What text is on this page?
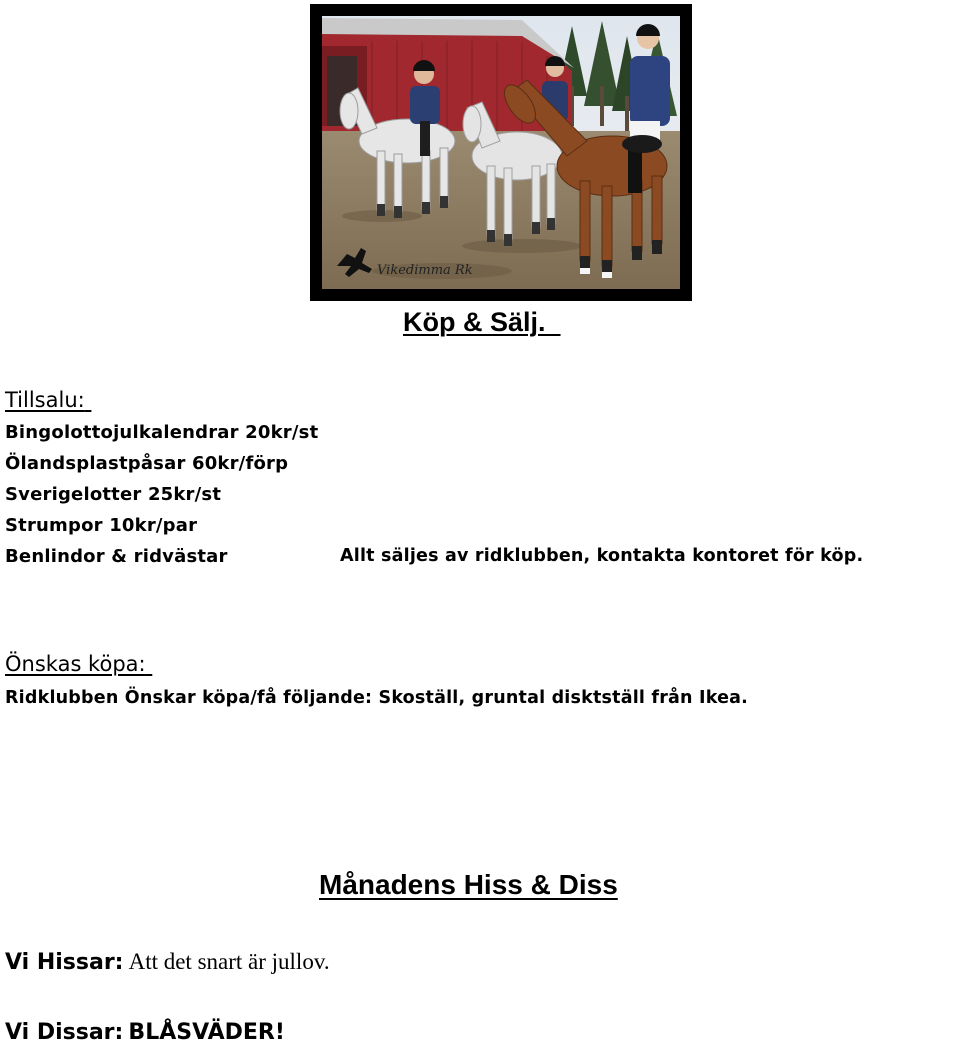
Vikedimma Rk
Köp & Sälj.
Tillsalu:
Bingolottojulkalendrar 20kr/st
Ölandsplastpåsar 60kr/förp
Sverigelotter 25kr/st
Strumpor 10kr/par
Benlindor & ridvästar	Allt säljes av ridklubben, kontakta kontoret för köp.
Önskas köpa:
Ridklubben Önskar köpa/få följande: Skoställ, gruntal disktställ från Ikea.
Månadens Hiss & Diss
Vi Hissar: Att det snart är jullov.
Vi Dissar: BLÅSVÄDER!
